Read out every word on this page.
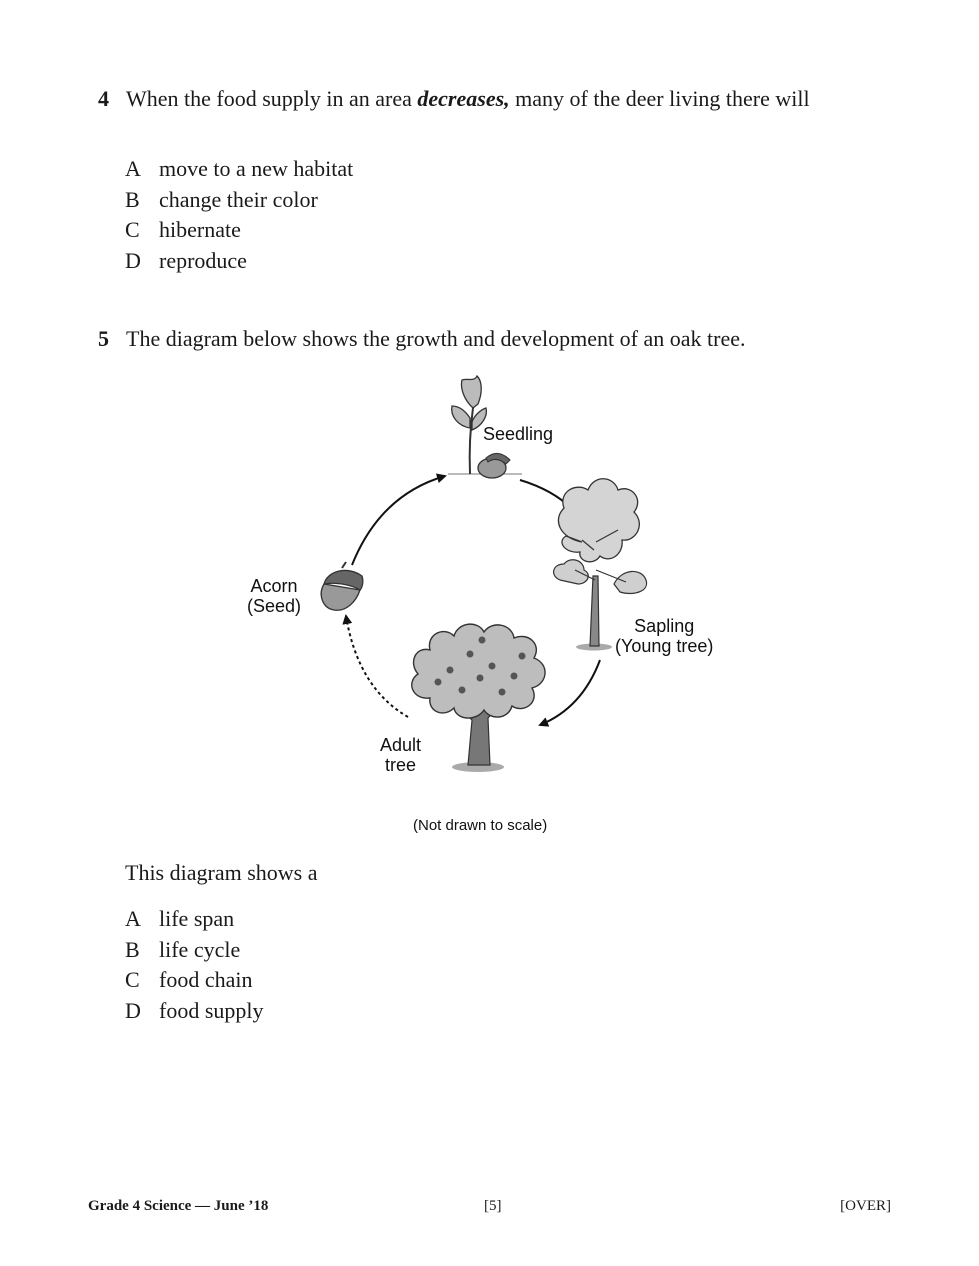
4 When the food supply in an area decreases, many of the deer living there will
A move to a new habitat
B change their color
C hibernate
D reproduce
5 The diagram below shows the growth and development of an oak tree.
Seedling
Sapling
(Young tree)
Acorn
(Seed)
Adult
tree
(Not drawn to scale)
This diagram shows a
A life span
B life cycle
C food chain
D food supply
Grade 4 Science — June ’18	[5]	[OVER]
